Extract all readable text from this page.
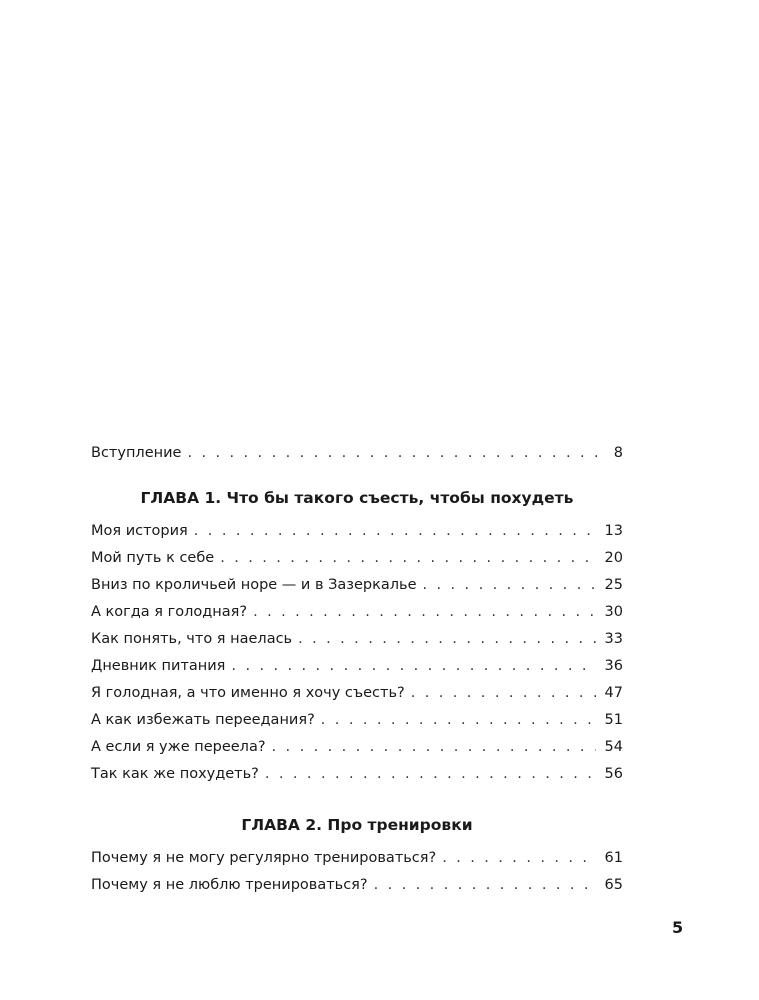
Вступление . . .	8
ГЛАВА 1. Что бы такого съесть, чтобы похудеть
Моя история . . .	13
Мой путь к себе . . .	20
Вниз по кроличьей норе — и в Зазеркалье . . .	25
А когда я голодная? . . .	30
Как понять, что я наелась . . .	33
Дневник питания . . .	36
Я голодная, а что именно я хочу съесть? . . .	47
А как избежать переедания? . . .	51
А если я уже переела? . . .	54
Так как же похудеть? . . .	56
ГЛАВА 2. Про тренировки
Почему я не могу регулярно тренироваться? . . .	61
Почему я не люблю тренироваться? . . .	65
5
